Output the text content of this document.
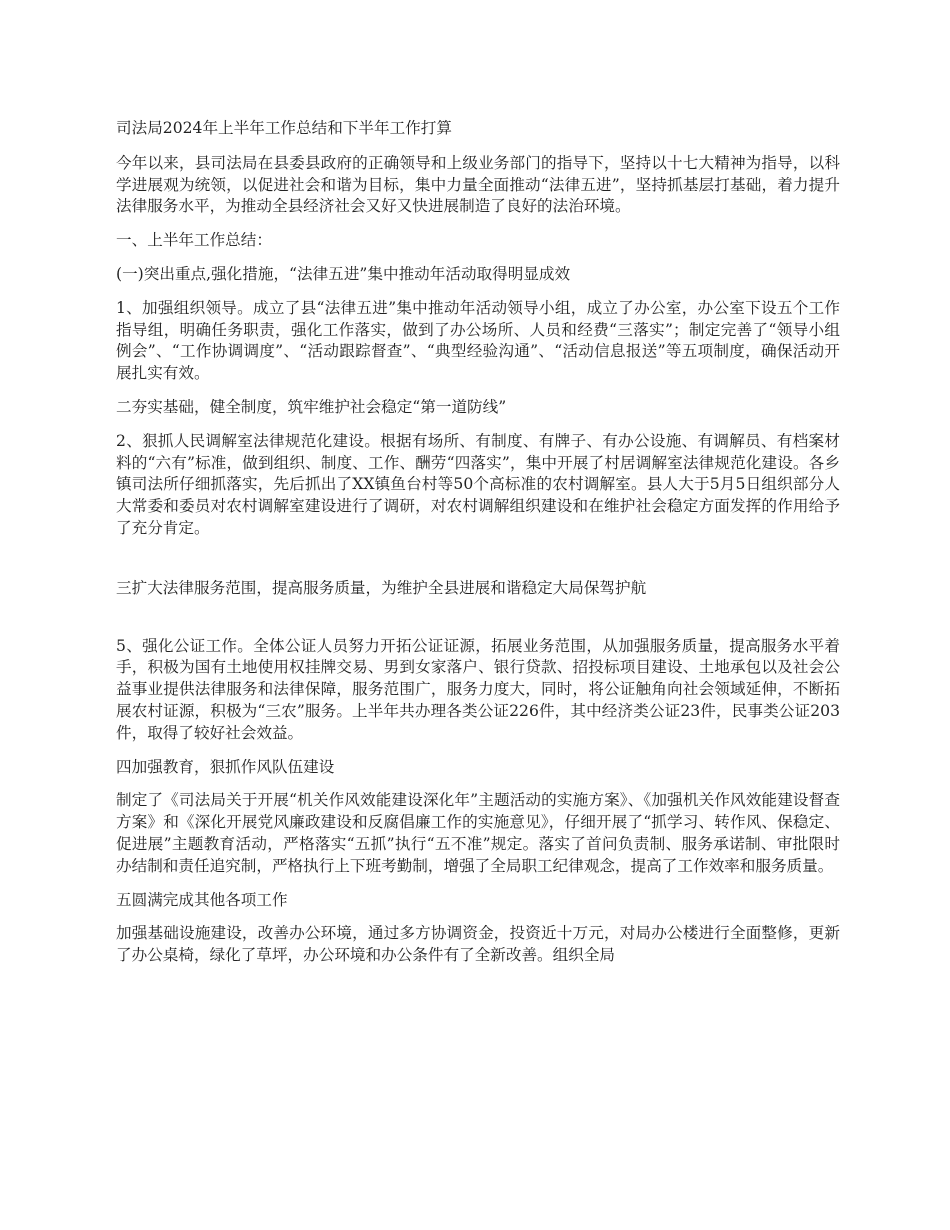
司法局2024年上半年工作总结和下半年工作打算

今年以来，县司法局在县委县政府的正确领导和上级业务部门的指导下，坚持以十七大精神为指导，以科学进展观为统领，以促进社会和谐为目标，集中力量全面推动“法律五进”，坚持抓基层打基础，着力提升法律服务水平，为推动全县经济社会又好又快进展制造了良好的法治环境。

一、上半年工作总结：

(一)突出重点,强化措施，“法律五进”集中推动年活动取得明显成效

1、加强组织领导。成立了县“法律五进”集中推动年活动领导小组，成立了办公室，办公室下设五个工作指导组，明确任务职责，强化工作落实，做到了办公场所、人员和经费“三落实”；制定完善了“领导小组例会”、“工作协调调度”、“活动跟踪督查”、“典型经验沟通”、“活动信息报送”等五项制度，确保活动开展扎实有效。

二夯实基础，健全制度，筑牢维护社会稳定“第一道防线”

2、狠抓人民调解室法律规范化建设。根据有场所、有制度、有牌子、有办公设施、有调解员、有档案材料的“六有”标准，做到组织、制度、工作、酬劳“四落实”，集中开展了村居调解室法律规范化建设。各乡镇司法所仔细抓落实，先后抓出了XX镇鱼台村等50个高标准的农村调解室。县人大于5月5日组织部分人大常委和委员对农村调解室建设进行了调研，对农村调解组织建设和在维护社会稳定方面发挥的作用给予了充分肯定。

三扩大法律服务范围，提高服务质量，为维护全县进展和谐稳定大局保驾护航

5、强化公证工作。全体公证人员努力开拓公证证源，拓展业务范围，从加强服务质量，提高服务水平着手，积极为国有土地使用权挂牌交易、男到女家落户、银行贷款、招投标项目建设、土地承包以及社会公益事业提供法律服务和法律保障，服务范围广，服务力度大，同时，将公证触角向社会领域延伸，不断拓展农村证源，积极为“三农”服务。上半年共办理各类公证226件，其中经济类公证23件，民事类公证203件，取得了较好社会效益。

四加强教育，狠抓作风队伍建设

制定了《司法局关于开展“机关作风效能建设深化年”主题活动的实施方案》、《加强机关作风效能建设督查方案》和《深化开展党风廉政建设和反腐倡廉工作的实施意见》，仔细开展了“抓学习、转作风、保稳定、促进展”主题教育活动，严格落实“五抓”执行“五不准”规定。落实了首问负责制、服务承诺制、审批限时办结制和责任追究制，严格执行上下班考勤制，增强了全局职工纪律观念，提高了工作效率和服务质量。

五圆满完成其他各项工作

加强基础设施建设，改善办公环境，通过多方协调资金，投资近十万元，对局办公楼进行全面整修，更新了办公桌椅，绿化了草坪，办公环境和办公条件有了全新改善。组织全局
